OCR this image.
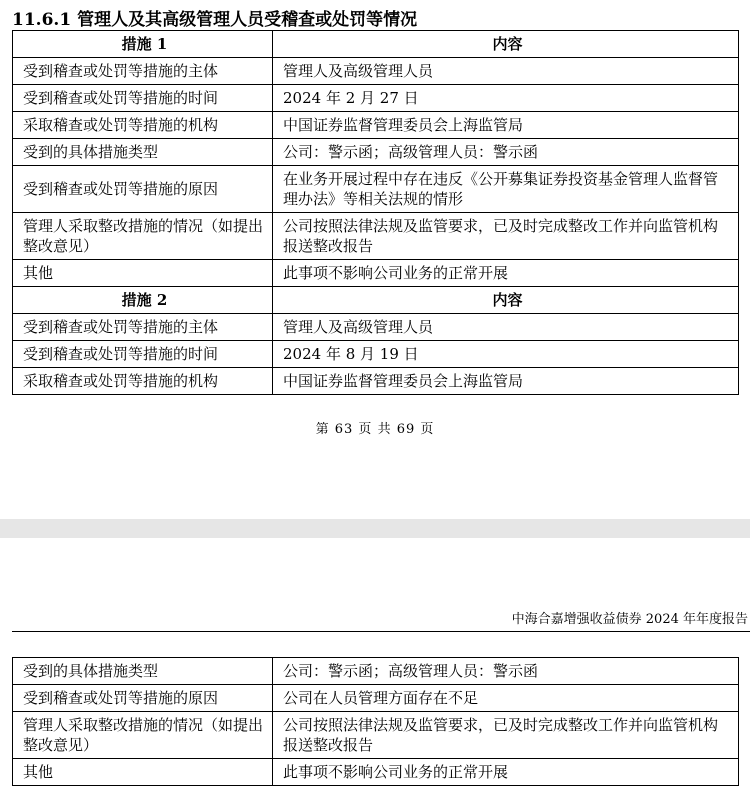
11.6.1 管理人及其高级管理人员受稽查或处罚等情况
措施 1	内容
受到稽查或处罚等措施的主体	管理人及高级管理人员
受到稽查或处罚等措施的时间	2024 年 2 月 27 日
采取稽查或处罚等措施的机构	中国证券监督管理委员会上海监管局
受到的具体措施类型	公司：警示函；高级管理人员：警示函
受到稽查或处罚等措施的原因	在业务开展过程中存在违反《公开募集证券投资基金管理人监督管理办法》等相关法规的情形
管理人采取整改措施的情况（如提出整改意见）	公司按照法律法规及监管要求，已及时完成整改工作并向监管机构报送整改报告
其他	此事项不影响公司业务的正常开展
措施 2	内容
受到稽查或处罚等措施的主体	管理人及高级管理人员
受到稽查或处罚等措施的时间	2024 年 8 月 19 日
采取稽查或处罚等措施的机构	中国证券监督管理委员会上海监管局
第 63 页 共 69 页
中海合嘉增强收益债券 2024 年年度报告
受到的具体措施类型	公司：警示函；高级管理人员：警示函
受到稽查或处罚等措施的原因	公司在人员管理方面存在不足
管理人采取整改措施的情况（如提出整改意见）	公司按照法律法规及监管要求，已及时完成整改工作并向监管机构报送整改报告
其他	此事项不影响公司业务的正常开展
